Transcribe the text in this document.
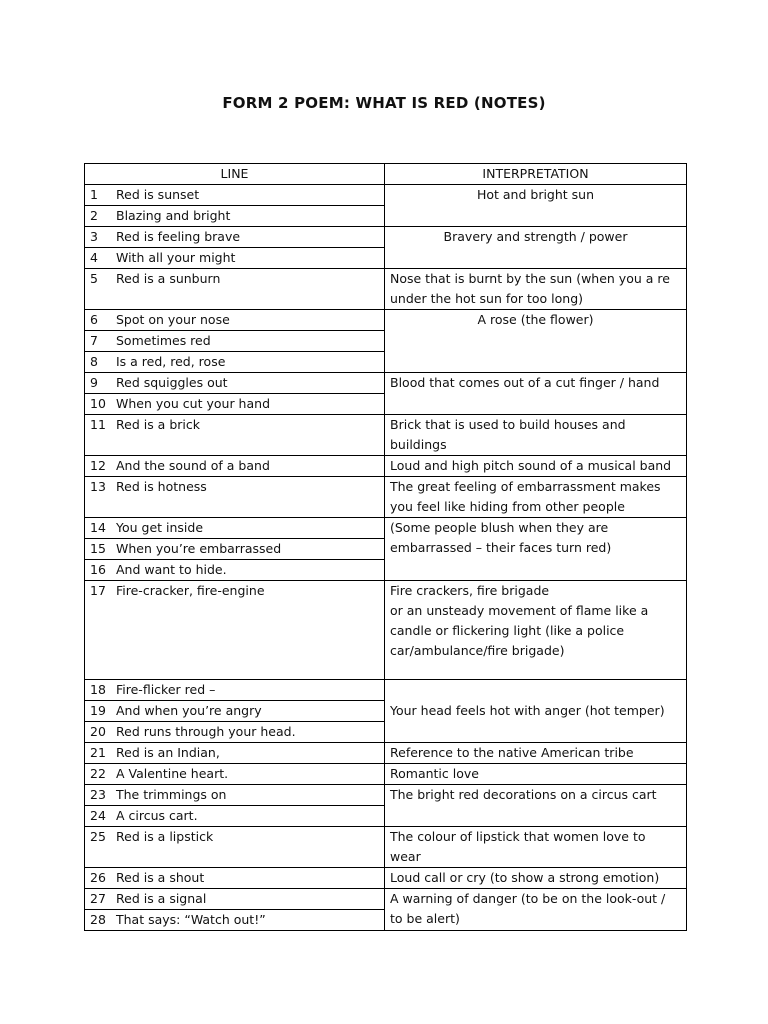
FORM 2 POEM: WHAT IS RED (NOTES)
LINE	INTERPRETATION
1 Red is sunset	Hot and bright sun
2 Blazing and bright	
3 Red is feeling brave	Bravery and strength / power
4 With all your might	
5 Red is a sunburn	Nose that is burnt by the sun (when you a re
under the hot sun for too long)

6 Spot on your nose	A rose (the flower)
7 Sometimes red	
8 Is a red, red, rose	
9 Red squiggles out	Blood that comes out of a cut finger / hand
10 When you cut your hand	
11 Red is a brick	Brick that is used to build houses and
buildings

12 And the sound of a band	Loud and high pitch sound of a musical band
13 Red is hotness	The great feeling of embarrassment makes
you feel like hiding from other people

14 You get inside	(Some people blush when they are
embarrassed – their faces turn red)

15 When you’re embarrassed	
16 And want to hide.	
17 Fire-cracker, fire-engine	Fire crackers, fire brigade
or an unsteady movement of flame like a
candle or flickering light (like a police
car/ambulance/fire brigade)

18 Fire-flicker red –	Your head feels hot with anger (hot temper)
19 And when you’re angry	
20 Red runs through your head.	
21 Red is an Indian,	Reference to the native American tribe
22 A Valentine heart.	Romantic love
23 The trimmings on	The bright red decorations on a circus cart
24 A circus cart.	
25 Red is a lipstick	The colour of lipstick that women love to
wear

26 Red is a shout	Loud call or cry (to show a strong emotion)
27 Red is a signal	A warning of danger (to be on the look-out /
to be alert)

28 That says: “Watch out!”	
